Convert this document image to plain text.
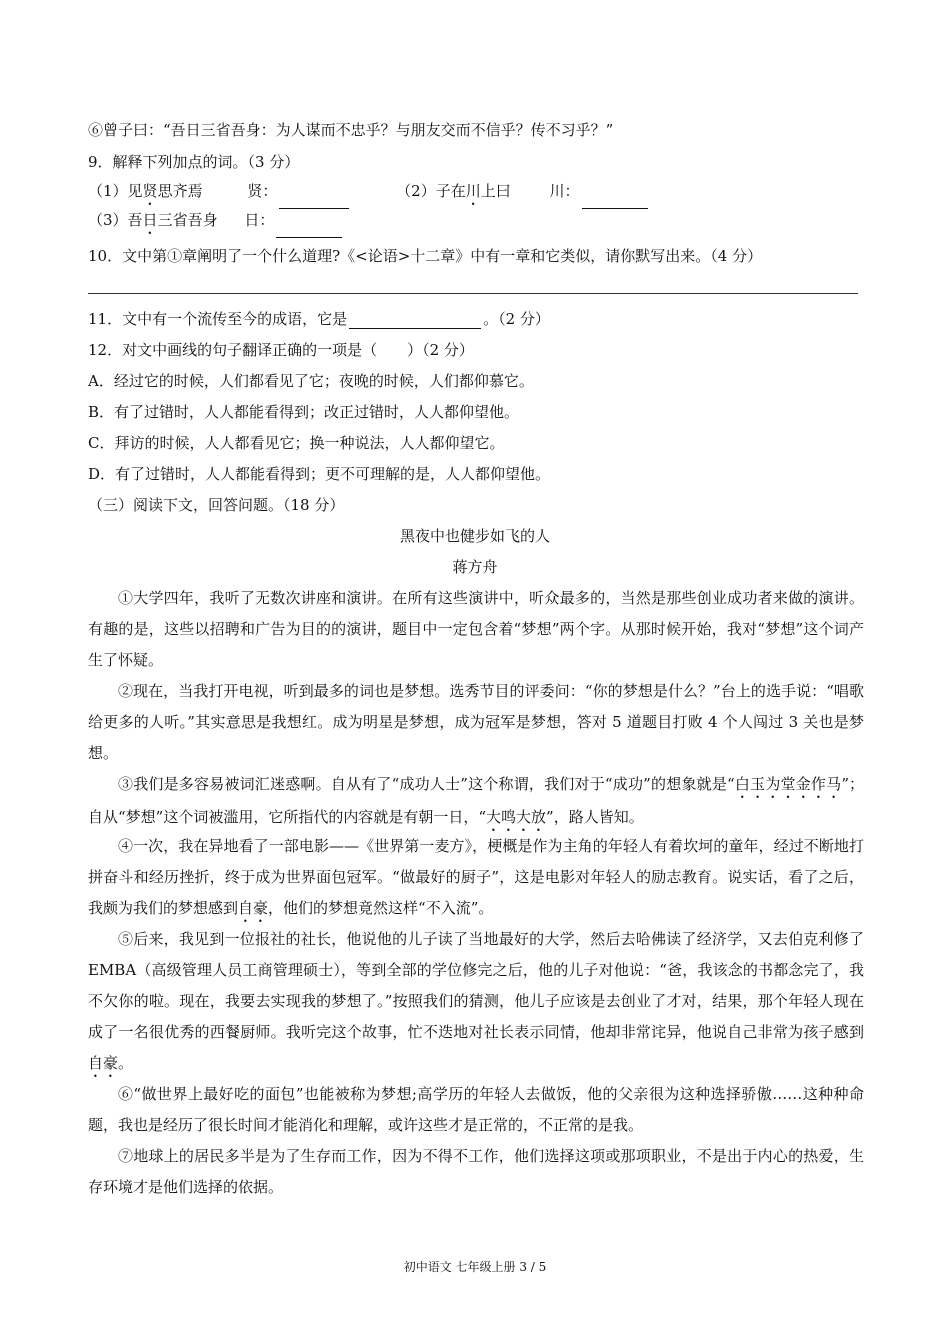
⑥曾子曰：“吾日三省吾身：为人谋而不忠乎？与朋友交而不信乎？传不习乎？”
9．解释下列加点的词。（3 分）
（1）见贤思齐焉	贤：	（2）子在川上曰	川：
（3）吾日三省吾身 日：
10．文中第①章阐明了一个什么道理?《<论语>十二章》中有一章和它类似，请你默写出来。（4 分）
11．文中有一个流传至今的成语，它是	。（2 分）
12．对文中画线的句子翻译正确的一项是（　　）（2 分）
A．经过它的时候，人们都看见了它；夜晚的时候，人们都仰慕它。
B．有了过错时，人人都能看得到；改正过错时，人人都仰望他。
C．拜访的时候，人人都看见它；换一种说法，人人都仰望它。
D．有了过错时，人人都能看得到；更不可理解的是，人人都仰望他。
（三）阅读下文，回答问题。（18 分）
黑夜中也健步如飞的人
蒋方舟
①大学四年，我听了无数次讲座和演讲。在所有这些演讲中，听众最多的，当然是那些创业成功者来做的演讲。有趣的是，这些以招聘和广告为目的的演讲，题目中一定包含着“梦想”两个字。从那时候开始，我对“梦想”这个词产生了怀疑。
②现在，当我打开电视，听到最多的词也是梦想。选秀节目的评委问：“你的梦想是什么？”台上的选手说：“唱歌给更多的人听。”其实意思是我想红。成为明星是梦想，成为冠军是梦想，答对 5 道题目打败 4 个人闯过 3 关也是梦想。
③我们是多容易被词汇迷惑啊。自从有了“成功人士”这个称谓，我们对于“成功”的想象就是“白玉为堂金作马”；自从“梦想”这个词被滥用，它所指代的内容就是有朝一日，“大鸣大放”，路人皆知。
④一次，我在异地看了一部电影——《世界第一麦方》，梗概是作为主角的年轻人有着坎坷的童年，经过不断地打拼奋斗和经历挫折，终于成为世界面包冠军。“做最好的厨子”，这是电影对年轻人的励志教育。说实话，看了之后，我颇为我们的梦想感到自豪，他们的梦想竟然这样“不入流”。
⑤后来，我见到一位报社的社长，他说他的儿子读了当地最好的大学，然后去哈佛读了经济学，又去伯克利修了 EMBA（高级管理人员工商管理硕士），等到全部的学位修完之后，他的儿子对他说：“爸，我该念的书都念完了，我不欠你的啦。现在，我要去实现我的梦想了。”按照我们的猜测，他儿子应该是去创业了才对，结果，那个年轻人现在成了一名很优秀的西餐厨师。我听完这个故事，忙不迭地对社长表示同情，他却非常诧异，他说自己非常为孩子感到自豪。
⑥“做世界上最好吃的面包”也能被称为梦想;高学历的年轻人去做饭，他的父亲很为这种选择骄傲……这种种命题，我也是经历了很长时间才能消化和理解，或许这些才是正常的，不正常的是我。
⑦地球上的居民多半是为了生存而工作，因为不得不工作，他们选择这项或那项职业，不是出于内心的热爱，生存环境才是他们选择的依据。
初中语文 七年级上册 3 / 5
